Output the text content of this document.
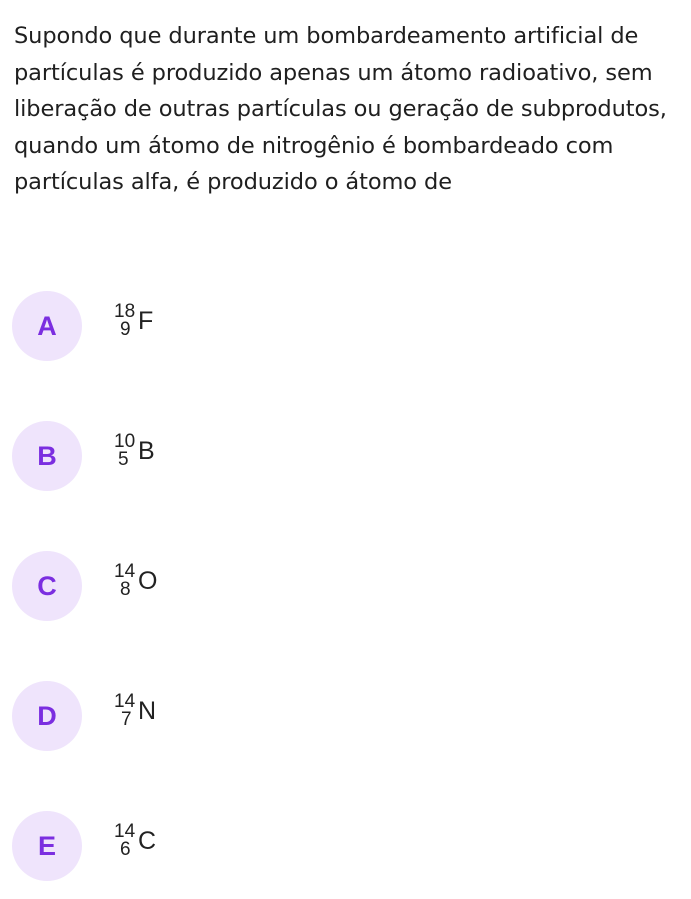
Supondo que durante um bombardeamento artificial de partículas é produzido apenas um átomo radioativo, sem liberação de outras partículas ou geração de subprodutos, quando um átomo de nitrogênio é bombardeado com partículas alfa, é produzido o átomo de

A	18
9 F
B	10
5 B
C	14
8 O
D	14
7 N
E	14
6 C
